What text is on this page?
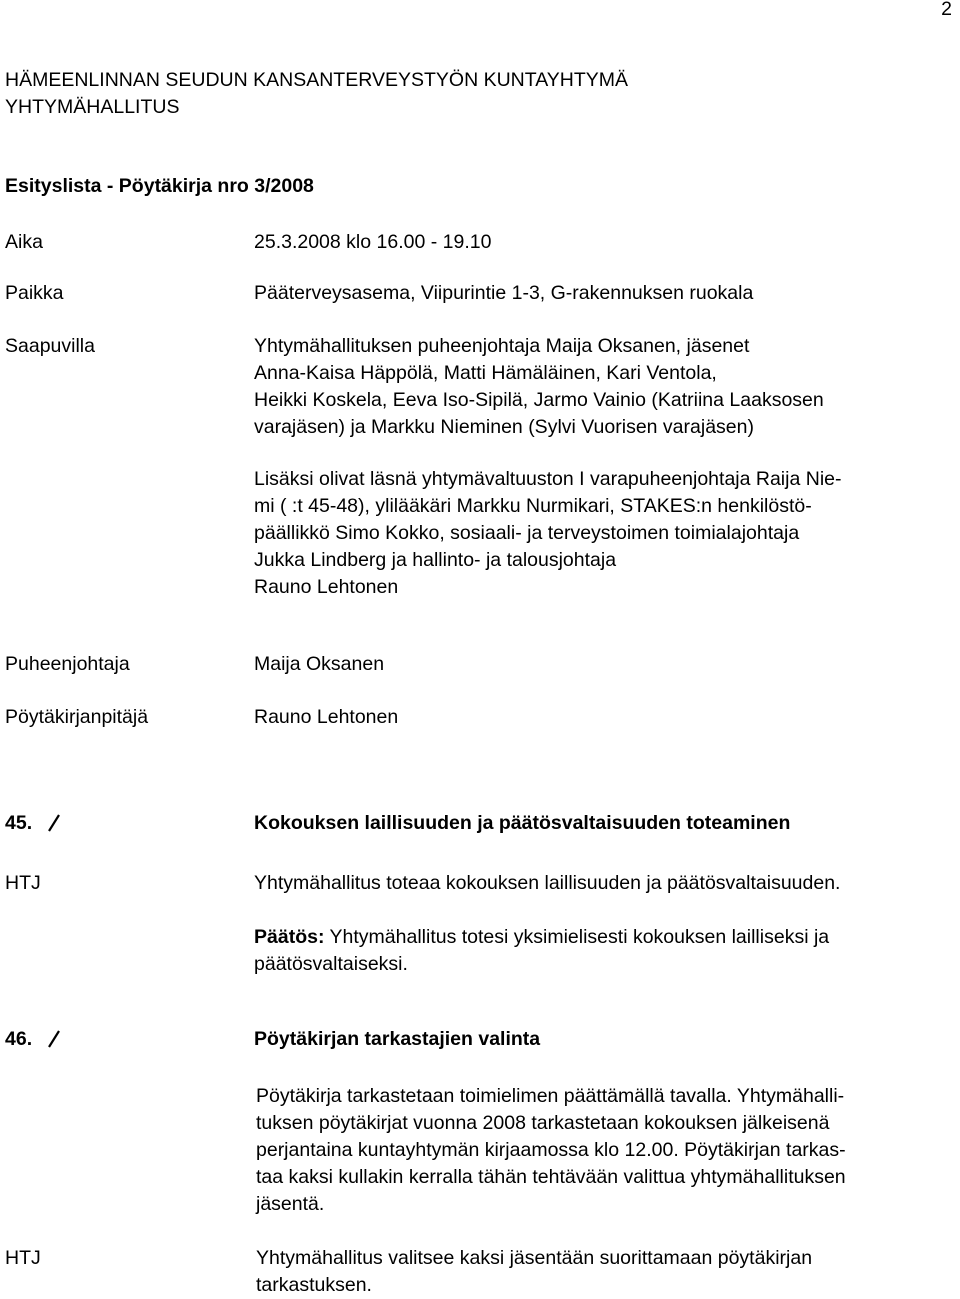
2
HÄMEENLINNAN SEUDUN KANSANTERVEYSTYÖN KUNTAYHTYMÄ
YHTYMÄHALLITUS
Esityslista - Pöytäkirja nro 3/2008
Aika	25.3.2008 klo 16.00 - 19.10
Paikka	Pääterveysasema, Viipurintie 1-3, G-rakennuksen ruokala
Saapuvilla	Yhtymähallituksen puheenjohtaja Maija Oksanen, jäsenet
Anna-Kaisa Häppölä, Matti Hämäläinen, Kari Ventola,
Heikki Koskela, Eeva Iso-Sipilä, Jarmo Vainio (Katriina Laaksosen
varajäsen) ja Markku Nieminen (Sylvi Vuorisen varajäsen)
Lisäksi olivat läsnä yhtymävaltuuston I varapuheenjohtaja Raija Nie-
mi ( :t 45-48), ylilääkäri Markku Nurmikari, STAKES:n henkilöstö-
päällikkö Simo Kokko, sosiaali- ja terveystoimen toimialajohtaja
Jukka Lindberg ja hallinto- ja talousjohtaja
Rauno Lehtonen
Puheenjohtaja	Maija Oksanen
Pöytäkirjanpitäjä	Rauno Lehtonen
45.	Kokouksen laillisuuden ja päätösvaltaisuuden toteaminen
HTJ	Yhtymähallitus toteaa kokouksen laillisuuden ja päätösvaltaisuuden.
Päätös: Yhtymähallitus totesi yksimielisesti kokouksen lailliseksi ja
päätösvaltaiseksi.
46.	Pöytäkirjan tarkastajien valinta
Pöytäkirja tarkastetaan toimielimen päättämällä tavalla. Yhtymähalli-
tuksen pöytäkirjat vuonna 2008 tarkastetaan kokouksen jälkeisenä
perjantaina kuntayhtymän kirjaamossa klo 12.00. Pöytäkirjan tarkas-
taa kaksi kullakin kerralla tähän tehtävään valittua yhtymähallituksen
jäsentä.
HTJ	Yhtymähallitus valitsee kaksi jäsentään suorittamaan pöytäkirjan
tarkastuksen.
